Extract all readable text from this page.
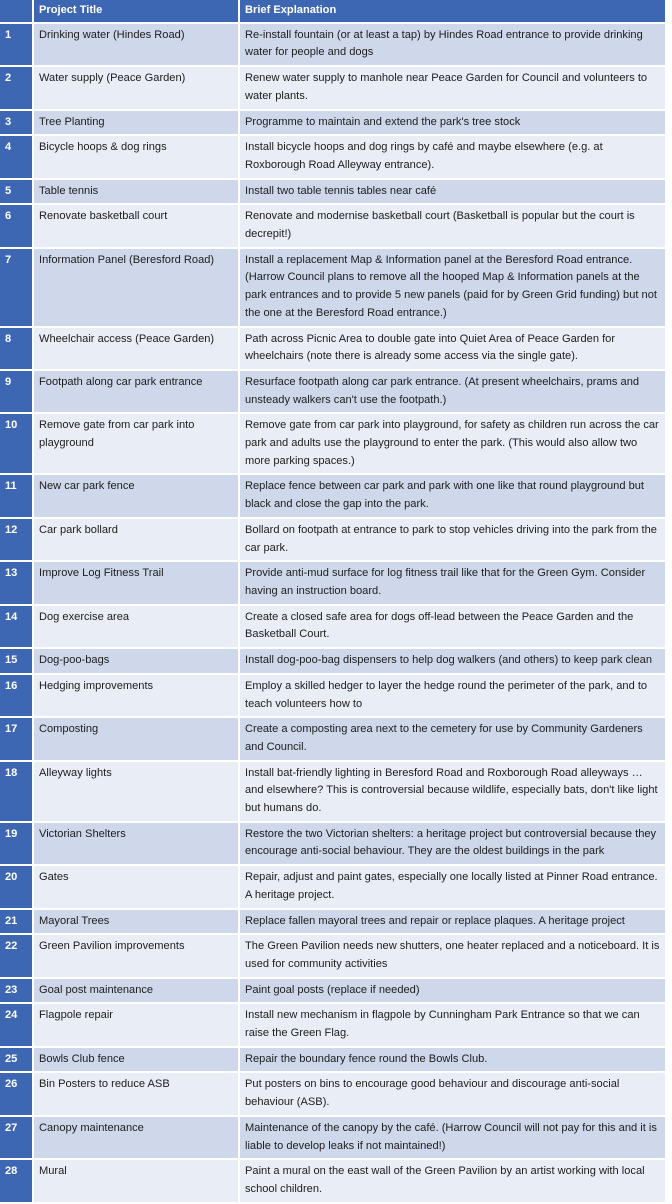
	Project Title	Brief Explanation
1	Drinking water (Hindes Road)	Re-install fountain (or at least a tap) by Hindes Road entrance to provide drinking water for people and dogs
2	Water supply (Peace Garden)	Renew water supply to manhole near Peace Garden for Council and volunteers to water plants.
3	Tree Planting	Programme to maintain and extend the park's tree stock
4	Bicycle hoops & dog rings	Install bicycle hoops and dog rings by café and maybe elsewhere (e.g. at Roxborough Road Alleyway entrance).
5	Table tennis	Install two table tennis tables near café
6	Renovate basketball court	Renovate and modernise basketball court (Basketball is popular but the court is decrepit!)
7	Information Panel (Beresford Road)	Install a replacement Map & Information panel at the Beresford Road entrance. (Harrow Council plans to remove all the hooped Map & Information panels at the park entrances and to provide 5 new panels (paid for by Green Grid funding) but not the one at the Beresford Road entrance.)
8	Wheelchair access (Peace Garden)	Path across Picnic Area to double gate into Quiet Area of Peace Garden for wheelchairs (note there is already some access via the single gate).
9	Footpath along car park entrance	Resurface footpath along car park entrance. (At present wheelchairs, prams and unsteady walkers can't use the footpath.)
10	Remove gate from car park into playground	Remove gate from car park into playground, for safety as children run across the car park and adults use the playground to enter the park. (This would also allow two more parking spaces.)
11	New car park fence	Replace fence between car park and park with one like that round playground but black and close the gap into the park.
12	Car park bollard	Bollard on footpath at entrance to park to stop vehicles driving into the park from the car park.
13	Improve Log Fitness Trail	Provide anti-mud surface for log fitness trail like that for the Green Gym. Consider having an instruction board.
14	Dog exercise area	Create a closed safe area for dogs off-lead between the Peace Garden and the Basketball Court.
15	Dog-poo-bags	Install dog-poo-bag dispensers to help dog walkers (and others) to keep park clean
16	Hedging improvements	Employ a skilled hedger to layer the hedge round the perimeter of the park, and to teach volunteers how to
17	Composting	Create a composting area next to the cemetery for use by Community Gardeners and Council.
18	Alleyway lights	Install bat-friendly lighting in Beresford Road and Roxborough Road alleyways …and elsewhere? This is controversial because wildlife, especially bats, don't like light but humans do.
19	Victorian Shelters	Restore the two Victorian shelters: a heritage project but controversial because they encourage anti-social behaviour. They are the oldest buildings in the park
20	Gates	Repair, adjust and paint gates, especially one locally listed at Pinner Road entrance. A heritage project.
21	Mayoral Trees	Replace fallen mayoral trees and repair or replace plaques. A heritage project
22	Green Pavilion improvements	The Green Pavilion needs new shutters, one heater replaced and a noticeboard. It is used for community activities
23	Goal post maintenance	Paint goal posts (replace if needed)
24	Flagpole repair	Install new mechanism in flagpole by Cunningham Park Entrance so that we can raise the Green Flag.
25	Bowls Club fence	Repair the boundary fence round the Bowls Club.
26	Bin Posters to reduce ASB	Put posters on bins to encourage good behaviour and discourage anti-social behaviour (ASB).
27	Canopy maintenance	Maintenance of the canopy by the café. (Harrow Council will not pay for this and it is liable to develop leaks if not maintained!)
28	Mural	Paint a mural on the east wall of the Green Pavilion by an artist working with local school children.
